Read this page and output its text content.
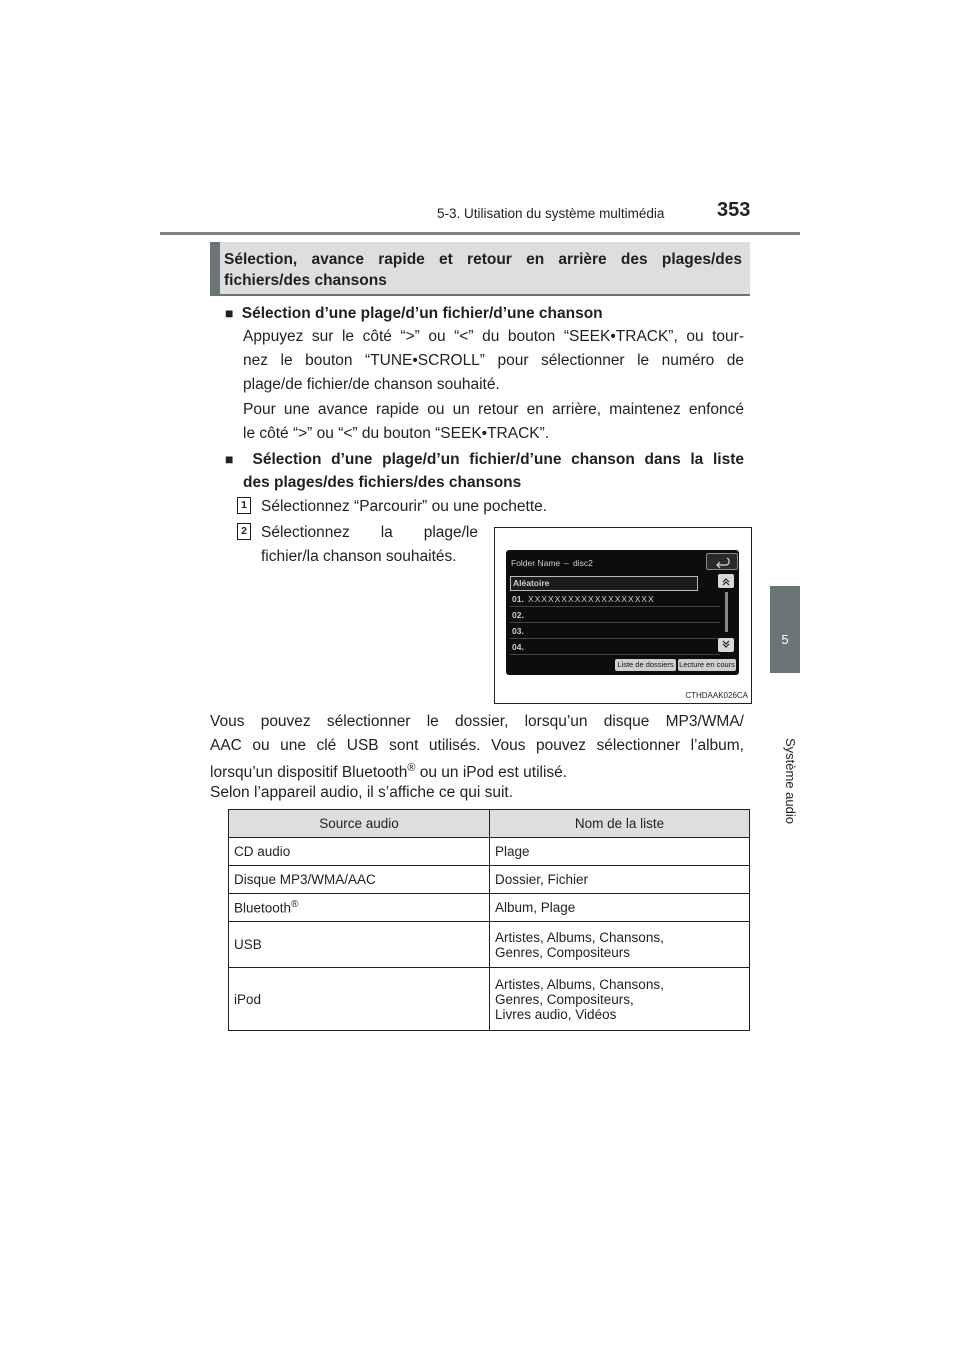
5-3. Utilisation du système multimédia	353
5
Système audio
Sélection, avance rapide et retour en arrière des plages/des
fichiers/des chansons
■ Sélection d’une plage/d’un fichier/d’une chanson
Appuyez sur le côté “>” ou “<” du bouton “SEEK•TRACK”, ou tour-
nez le bouton “TUNE•SCROLL” pour sélectionner le numéro de
plage/de fichier/de chanson souhaité.
Pour une avance rapide ou un retour en arrière, maintenez enfoncé
le côté “>” ou “<” du bouton “SEEK•TRACK”.
■ Sélection d’une plage/d’un fichier/d’une chanson dans la liste
des plages/des fichiers/des chansons
1 Sélectionnez “Parcourir” ou une pochette.
2 Sélectionnez la plage/le
fichier/la chanson souhaités.	Folder Name – disc2
Aléatoire
01. XXXXXXXXXXXXXXXXXXX
02.
03.
04.
Liste de dossiers Lecture en cours
CTHDAAK026CA
Vous pouvez sélectionner le dossier, lorsqu’un disque MP3/WMA/
AAC ou une clé USB sont utilisés. Vous pouvez sélectionner l’album,
lorsqu’un dispositif Bluetooth® ou un iPod est utilisé.
Selon l’appareil audio, il s’affiche ce qui suit.
Source audio	Nom de la liste
CD audio	Plage
Disque MP3/WMA/AAC	Dossier, Fichier
Bluetooth®	Album, Plage
USB	Artistes, Albums, Chansons,
Genres, Compositeurs

iPod	Artistes, Albums, Chansons,
Genres, Compositeurs,
Livres audio, Vidéos
